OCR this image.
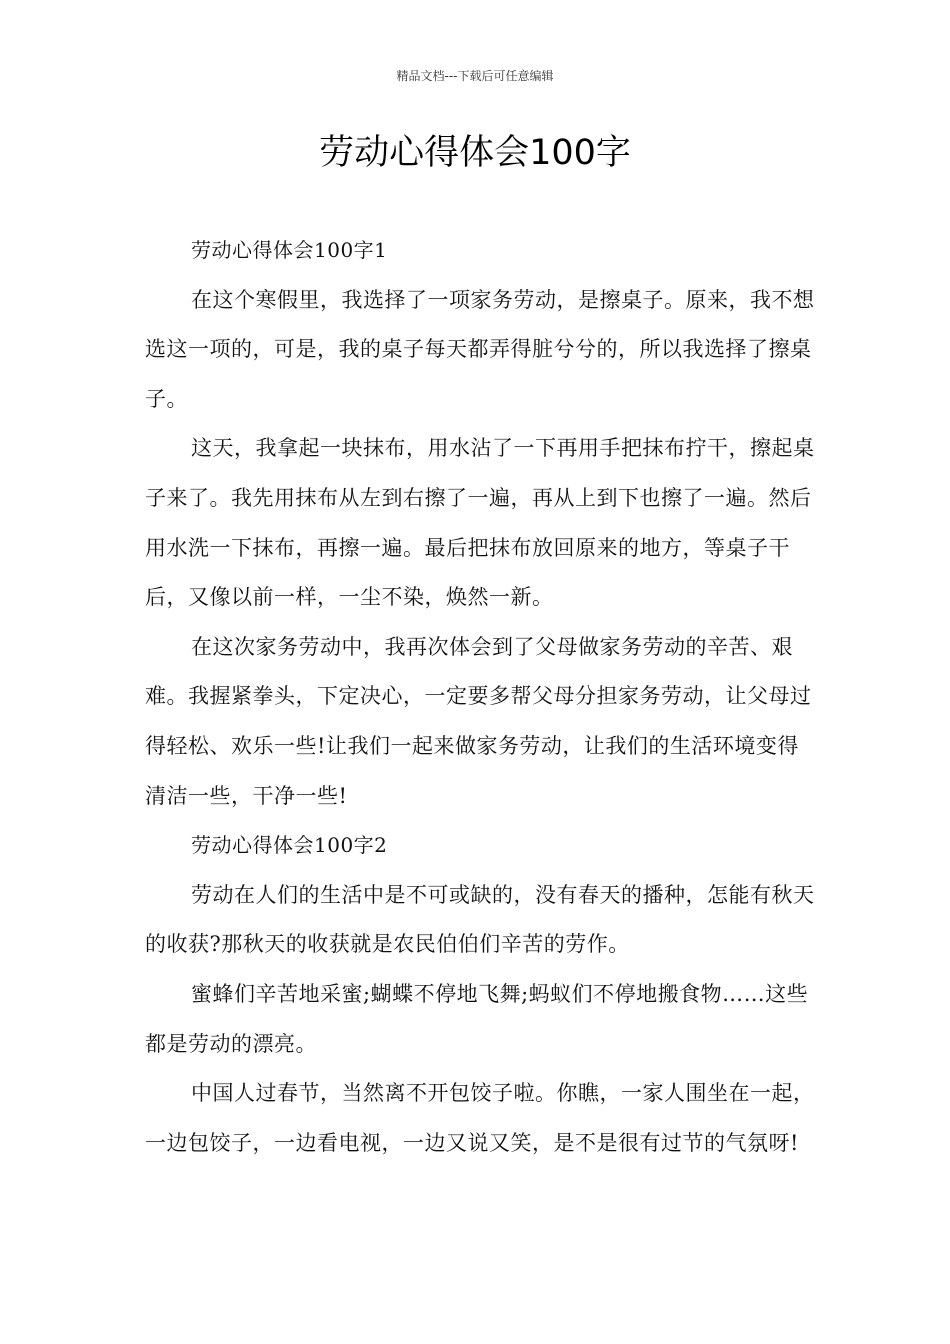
精品文档---下载后可任意编辑
劳动心得体会100字

劳动心得体会100字1

在这个寒假里，我选择了一项家务劳动，是擦桌子。原来，我不想选这一项的，可是，我的桌子每天都弄得脏兮兮的，所以我选择了擦桌子。

这天，我拿起一块抹布，用水沾了一下再用手把抹布拧干，擦起桌子来了。我先用抹布从左到右擦了一遍，再从上到下也擦了一遍。然后用水洗一下抹布，再擦一遍。最后把抹布放回原来的地方，等桌子干后，又像以前一样，一尘不染，焕然一新。

在这次家务劳动中，我再次体会到了父母做家务劳动的辛苦、艰难。我握紧拳头，下定决心，一定要多帮父母分担家务劳动，让父母过得轻松、欢乐一些!让我们一起来做家务劳动，让我们的生活环境变得清洁一些，干净一些!

劳动心得体会100字2

劳动在人们的生活中是不可或缺的，没有春天的播种，怎能有秋天的收获?那秋天的收获就是农民伯伯们辛苦的劳作。

蜜蜂们辛苦地采蜜;蝴蝶不停地飞舞;蚂蚁们不停地搬食物……这些都是劳动的漂亮。

中国人过春节，当然离不开包饺子啦。你瞧，一家人围坐在一起，一边包饺子，一边看电视，一边又说又笑，是不是很有过节的气氛呀!
